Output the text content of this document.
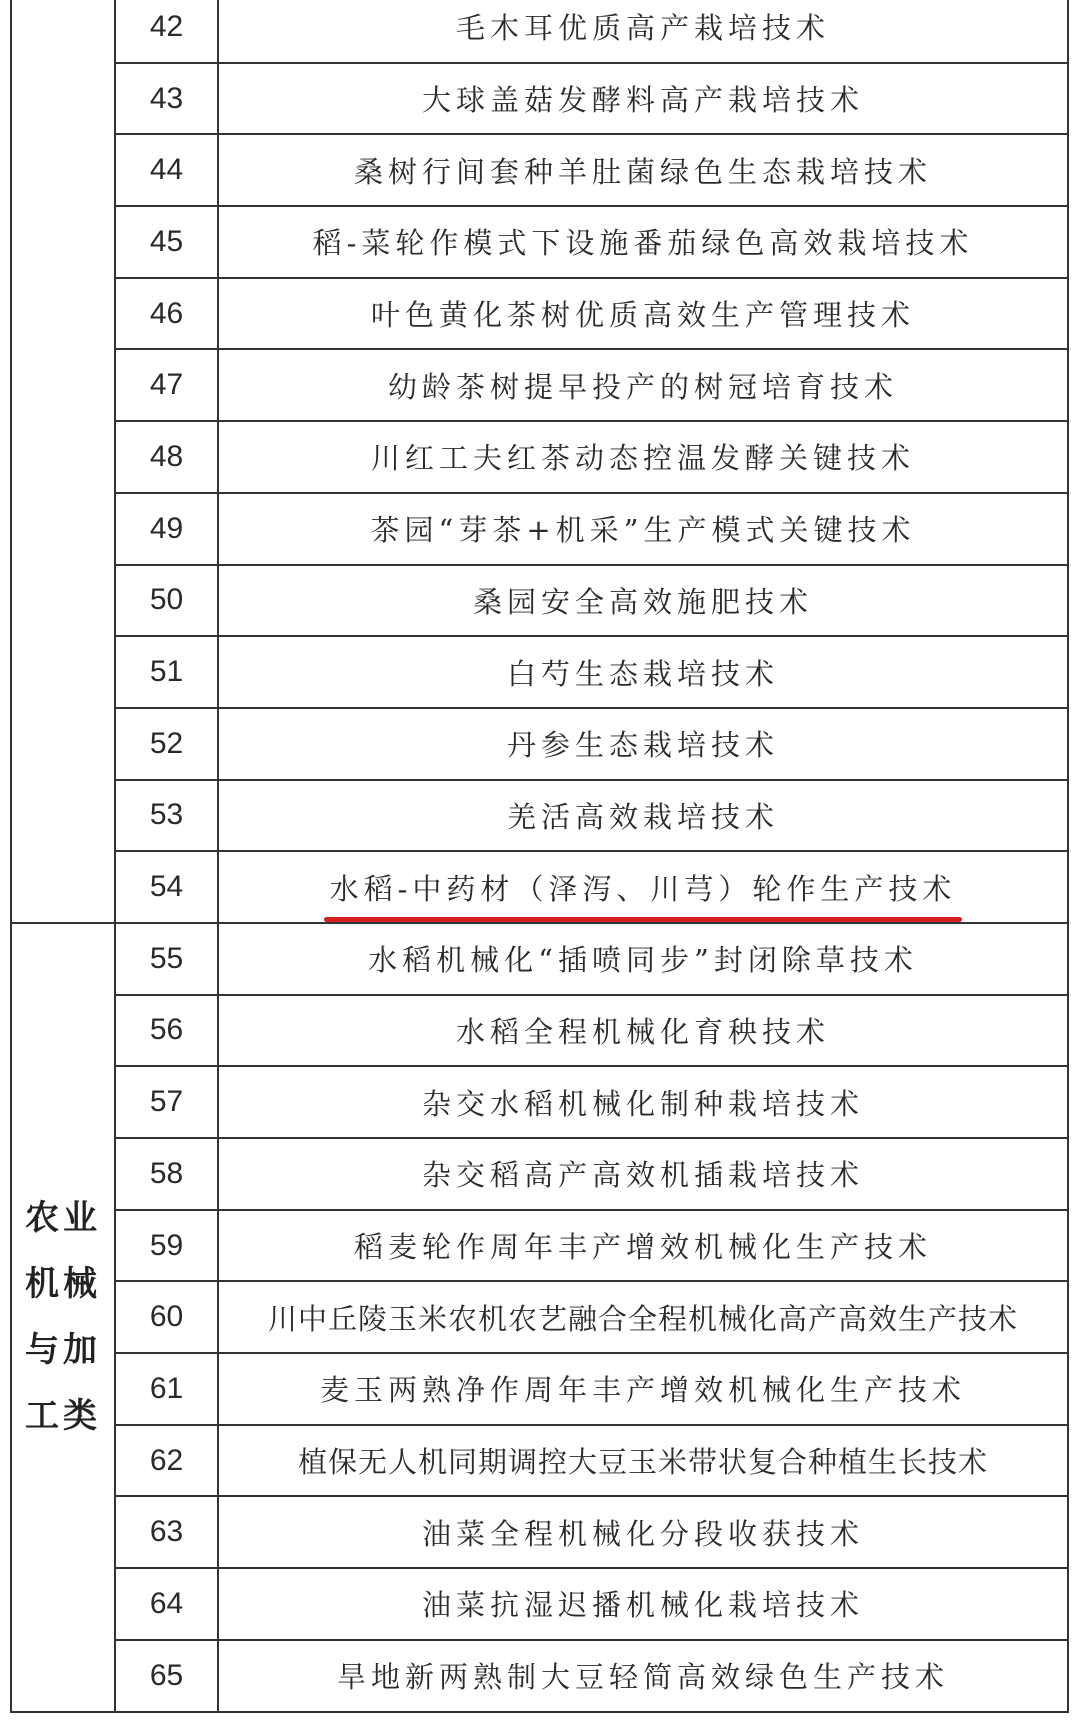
	42	毛木耳优质高产栽培技术
	43	大球盖菇发酵料高产栽培技术
	44	桑树行间套种羊肚菌绿色生态栽培技术
	45	稻-菜轮作模式下设施番茄绿色高效栽培技术
	46	叶色黄化茶树优质高效生产管理技术
	47	幼龄茶树提早投产的树冠培育技术
	48	川红工夫红茶动态控温发酵关键技术
	49	茶园“芽茶+机采”生产模式关键技术
	50	桑园安全高效施肥技术
	51	白芍生态栽培技术
	52	丹参生态栽培技术
	53	羌活高效栽培技术
	54	水稻-中药材（泽泻、川芎）轮作生产技术

农业机械与加工类	55	水稻机械化“插喷同步”封闭除草技术
	56	水稻全程机械化育秧技术
	57	杂交水稻机械化制种栽培技术
	58	杂交稻高产高效机插栽培技术
	59	稻麦轮作周年丰产增效机械化生产技术
	60	川中丘陵玉米农机农艺融合全程机械化高产高效生产技术
	61	麦玉两熟净作周年丰产增效机械化生产技术
	62	植保无人机同期调控大豆玉米带状复合种植生长技术
	63	油菜全程机械化分段收获技术
	64	油菜抗湿迟播机械化栽培技术
	65	旱地新两熟制大豆轻简高效绿色生产技术
